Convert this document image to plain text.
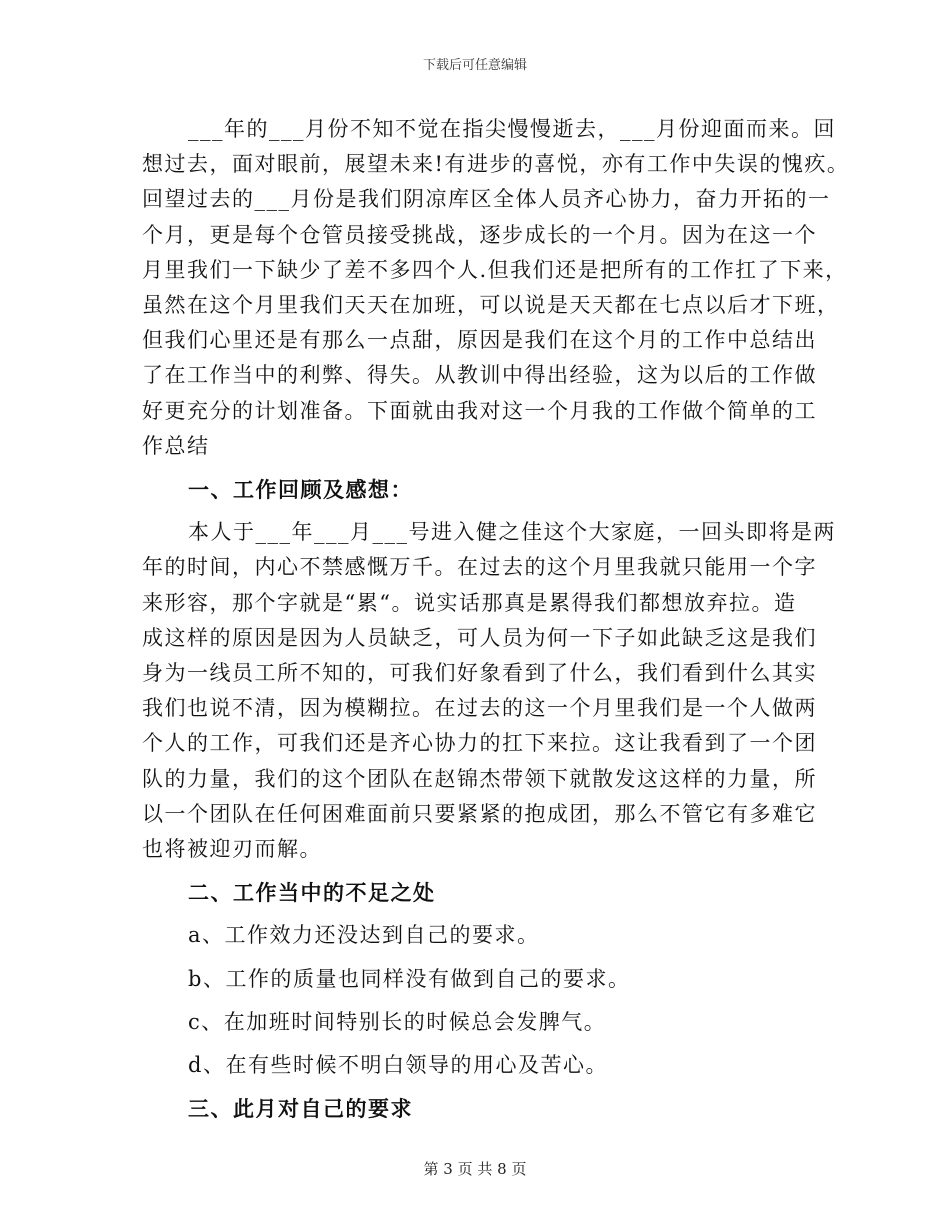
下载后可任意编辑
___年的___月份不知不觉在指尖慢慢逝去，___月份迎面而来。回
想过去，面对眼前，展望未来!有进步的喜悦，亦有工作中失误的愧疚。
回望过去的___月份是我们阴凉库区全体人员齐心协力，奋力开拓的一
个月，更是每个仓管员接受挑战，逐步成长的一个月。因为在这一个
月里我们一下缺少了差不多四个人.但我们还是把所有的工作扛了下来，
虽然在这个月里我们天天在加班，可以说是天天都在七点以后才下班，
但我们心里还是有那么一点甜，原因是我们在这个月的工作中总结出
了在工作当中的利弊、得失。从教训中得出经验，这为以后的工作做
好更充分的计划准备。下面就由我对这一个月我的工作做个简单的工
作总结
一、工作回顾及感想：
本人于___年___月___号进入健之佳这个大家庭，一回头即将是两
年的时间，内心不禁感慨万千。在过去的这个月里我就只能用一个字
来形容，那个字就是“累“。说实话那真是累得我们都想放弃拉。造
成这样的原因是因为人员缺乏，可人员为何一下子如此缺乏这是我们
身为一线员工所不知的，可我们好象看到了什么，我们看到什么其实
我们也说不清，因为模糊拉。在过去的这一个月里我们是一个人做两
个人的工作，可我们还是齐心协力的扛下来拉。这让我看到了一个团
队的力量，我们的这个团队在赵锦杰带领下就散发这这样的力量，所
以一个团队在任何困难面前只要紧紧的抱成团，那么不管它有多难它
也将被迎刃而解。
二、工作当中的不足之处
a、工作效力还没达到自己的要求。
b、工作的质量也同样没有做到自己的要求。
c、在加班时间特别长的时候总会发脾气。
d、在有些时候不明白领导的用心及苦心。
三、此月对自己的要求
第 3 页 共 8 页
